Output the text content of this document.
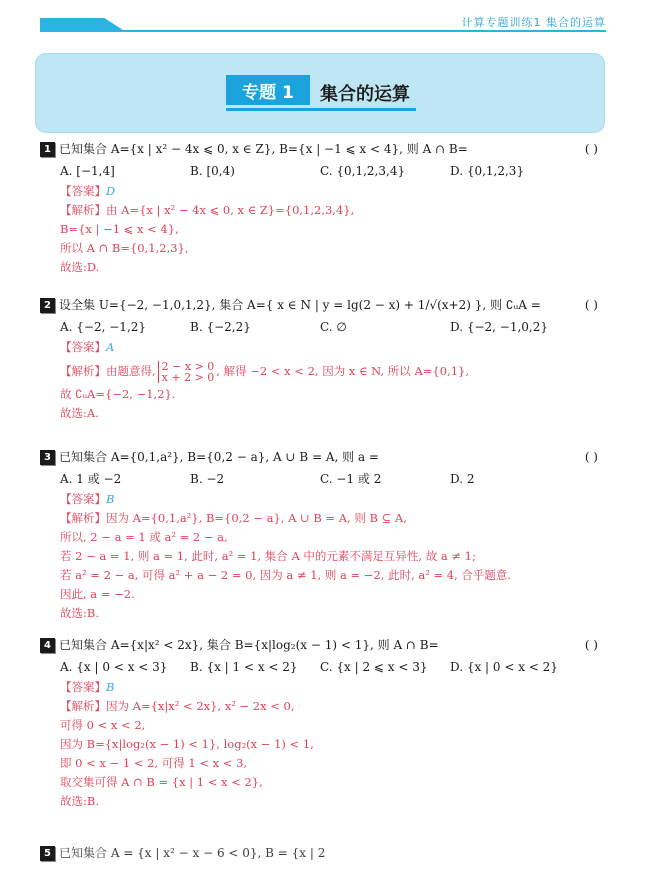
计算专题训练1 集合的运算
专题 1	集合的运算
1 已知集合 A={x | x² − 4x ⩽ 0, x ∈ Z}, B={x | −1 ⩽ x < 4}, 则 A ∩ B=	( )
A. [−1,4]	B. [0,4)	C. {0,1,2,3,4}	D. {0,1,2,3}
【答案】D
【解析】由 A={x | x² − 4x ⩽ 0, x ∈ Z}={0,1,2,3,4},
B={x | −1 ⩽ x < 4},
所以 A ∩ B={0,1,2,3},
故选:D.
2 设全集 U={−2, −1,0,1,2}, 集合 A={ x ∈ N | y = lg(2 − x) + 1/√(x+2) }, 则 ∁ᵤA =	( )
A. {−2, −1,2}	B. {−2,2}	C. ∅	D. {−2, −1,0,2}
【答案】A
【解析】由题意得, 2 − x > 0
x + 2 > 0 , 解得 −2 < x < 2, 因为 x ∈ N, 所以 A={0,1},
故 ∁ᵤA={−2, −1,2}.
故选:A.
3 已知集合 A={0,1,a²}, B={0,2 − a}, A ∪ B = A, 则 a =	( )
A. 1 或 −2	B. −2	C. −1 或 2	D. 2
【答案】B
【解析】因为 A={0,1,a²}, B={0,2 − a}, A ∪ B = A, 则 B ⊆ A,
所以, 2 − a = 1 或 a² = 2 − a,
若 2 − a = 1, 则 a = 1, 此时, a² = 1, 集合 A 中的元素不满足互异性, 故 a ≠ 1;
若 a² = 2 − a, 可得 a² + a − 2 = 0, 因为 a ≠ 1, 则 a = −2, 此时, a² = 4, 合乎题意.
因此, a = −2.
故选:B.
4 已知集合 A={x|x² < 2x}, 集合 B={x|log₂(x − 1) < 1}, 则 A ∩ B=	( )
A. {x | 0 < x < 3} B. {x | 1 < x < 2} C. {x | 2 ⩽ x < 3} D. {x | 0 < x < 2}
【答案】B
【解析】因为 A={x|x² < 2x}, x² − 2x < 0,
可得 0 < x < 2,
因为 B={x|log₂(x − 1) < 1}, log₂(x − 1) < 1,
即 0 < x − 1 < 2, 可得 1 < x < 3,
取交集可得 A ∩ B = {x | 1 < x < 2},
故选:B.
5 已知集合 A = {x | x² − x − 6 < 0}, B = {x | 2
